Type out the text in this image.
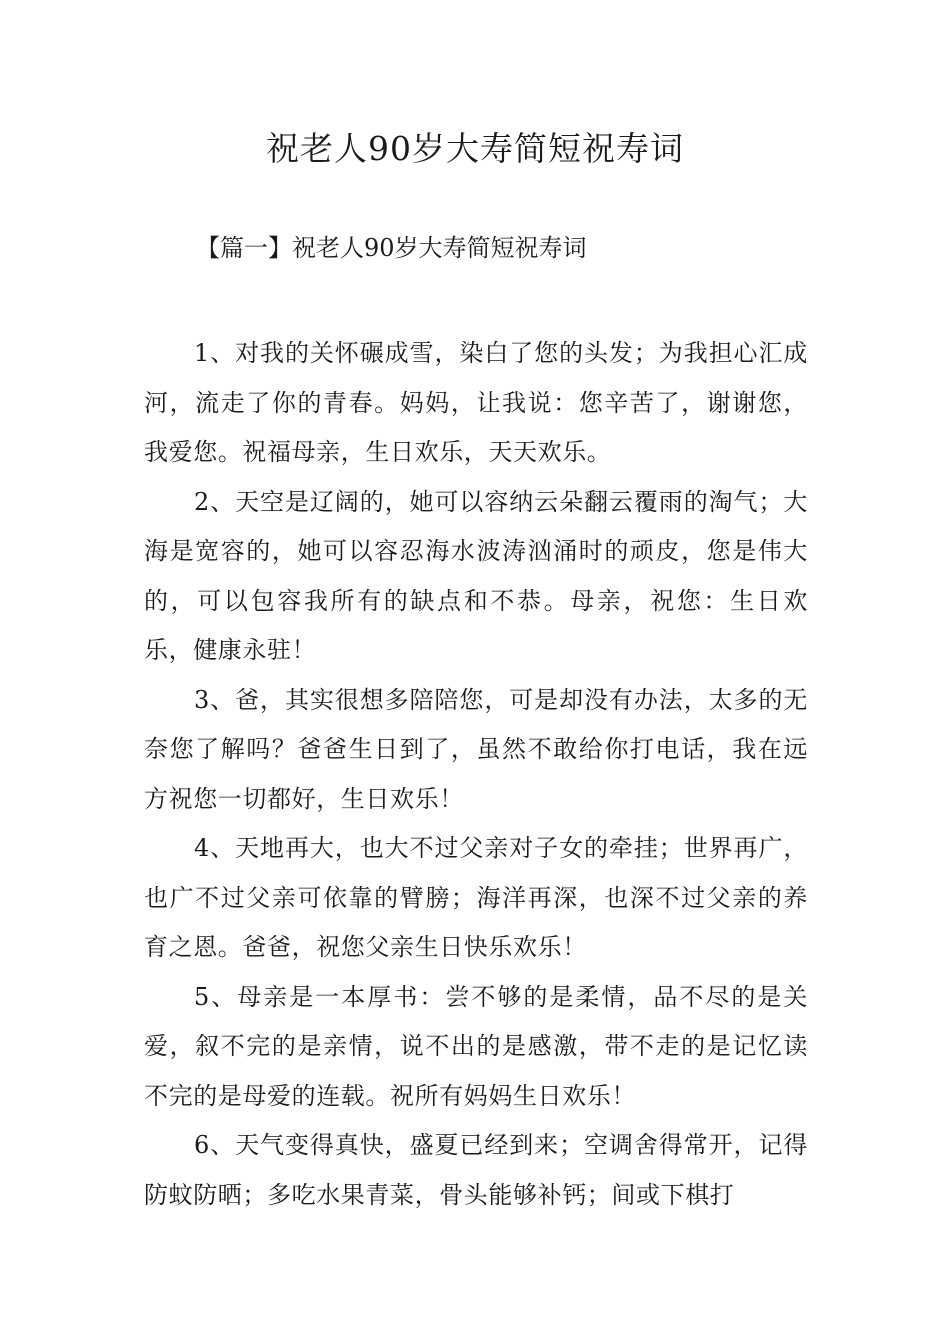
祝老人90岁大寿简短祝寿词
【篇一】祝老人90岁大寿简短祝寿词

1、对我的关怀碾成雪，染白了您的头发；为我担心汇成河，流走了你的青春。妈妈，让我说：您辛苦了，谢谢您，我爱您。祝福母亲，生日欢乐，天天欢乐。

2、天空是辽阔的，她可以容纳云朵翻云覆雨的淘气；大海是宽容的，她可以容忍海水波涛汹涌时的顽皮，您是伟大的，可以包容我所有的缺点和不恭。母亲，祝您：生日欢乐，健康永驻！

3、爸，其实很想多陪陪您，可是却没有办法，太多的无奈您了解吗？爸爸生日到了，虽然不敢给你打电话，我在远方祝您一切都好，生日欢乐！

4、天地再大，也大不过父亲对子女的牵挂；世界再广，也广不过父亲可依靠的臂膀；海洋再深，也深不过父亲的养育之恩。爸爸，祝您父亲生日快乐欢乐！

5、母亲是一本厚书：尝不够的是柔情，品不尽的是关爱，叙不完的是亲情，说不出的是感激，带不走的是记忆读不完的是母爱的连载。祝所有妈妈生日欢乐！

6、天气变得真快，盛夏已经到来；空调舍得常开，记得防蚊防晒；多吃水果青菜，骨头能够补钙；间或下棋打
